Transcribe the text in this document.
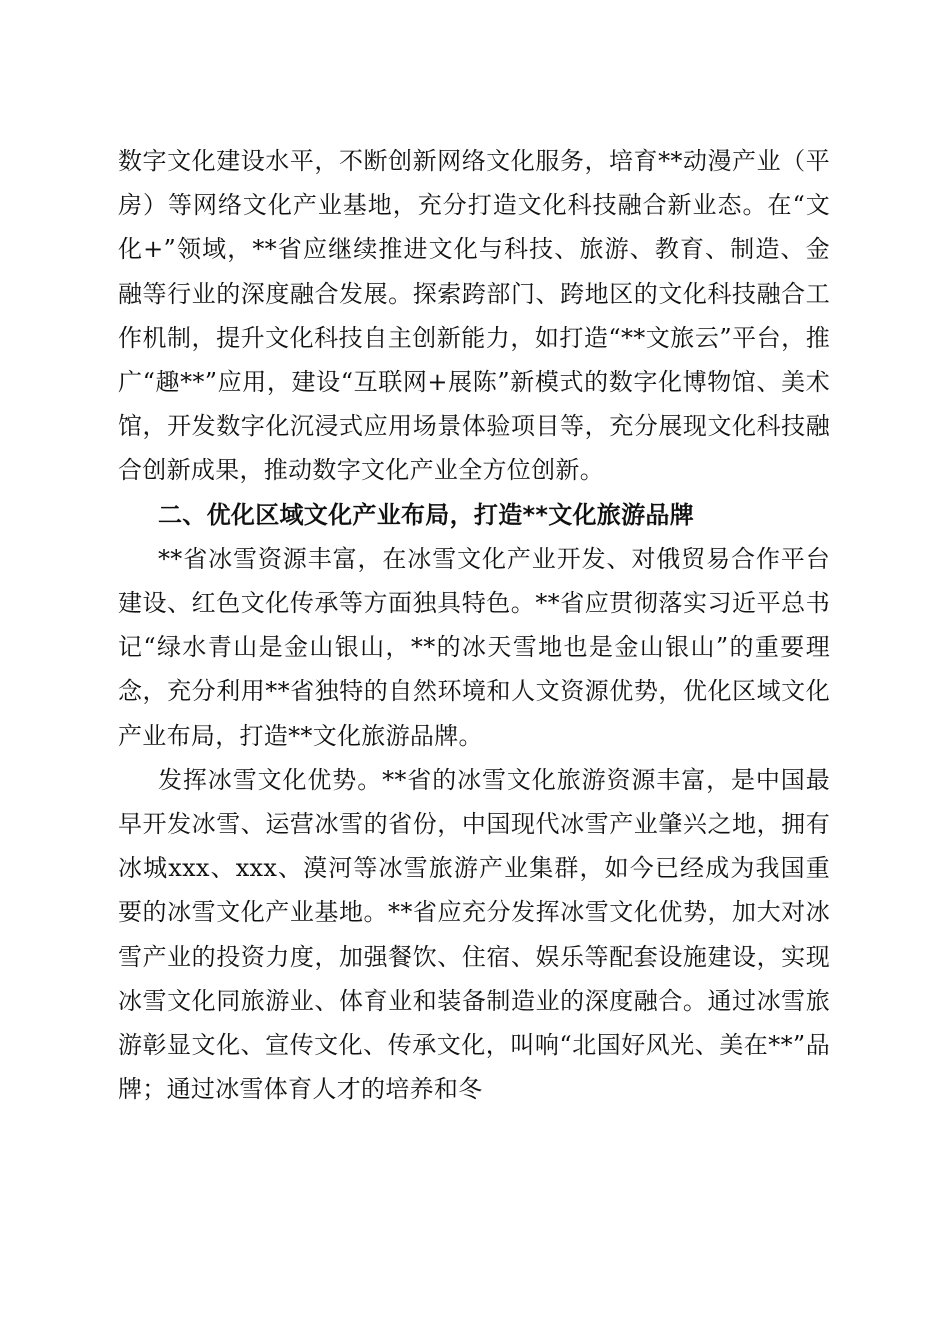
数字文化建设水平，不断创新网络文化服务，培育**动漫产业（平房）等网络文化产业基地，充分打造文化科技融合新业态。在“文化+”领域，**省应继续推进文化与科技、旅游、教育、制造、金融等行业的深度融合发展。探索跨部门、跨地区的文化科技融合工作机制，提升文化科技自主创新能力，如打造“**文旅云”平台，推广“趣**”应用，建设“互联网+展陈”新模式的数字化博物馆、美术馆，开发数字化沉浸式应用场景体验项目等，充分展现文化科技融合创新成果，推动数字文化产业全方位创新。

二、优化区域文化产业布局，打造**文化旅游品牌

**省冰雪资源丰富，在冰雪文化产业开发、对俄贸易合作平台建设、红色文化传承等方面独具特色。**省应贯彻落实习近平总书记“绿水青山是金山银山，**的冰天雪地也是金山银山”的重要理念，充分利用**省独特的自然环境和人文资源优势，优化区域文化产业布局，打造**文化旅游品牌。

发挥冰雪文化优势。**省的冰雪文化旅游资源丰富，是中国最早开发冰雪、运营冰雪的省份，中国现代冰雪产业肇兴之地，拥有冰城xxx、xxx、漠河等冰雪旅游产业集群，如今已经成为我国重要的冰雪文化产业基地。**省应充分发挥冰雪文化优势，加大对冰雪产业的投资力度，加强餐饮、住宿、娱乐等配套设施建设，实现冰雪文化同旅游业、体育业和装备制造业的深度融合。通过冰雪旅游彰显文化、宣传文化、传承文化，叫响“北国好风光、美在**”品牌；通过冰雪体育人才的培养和冬
